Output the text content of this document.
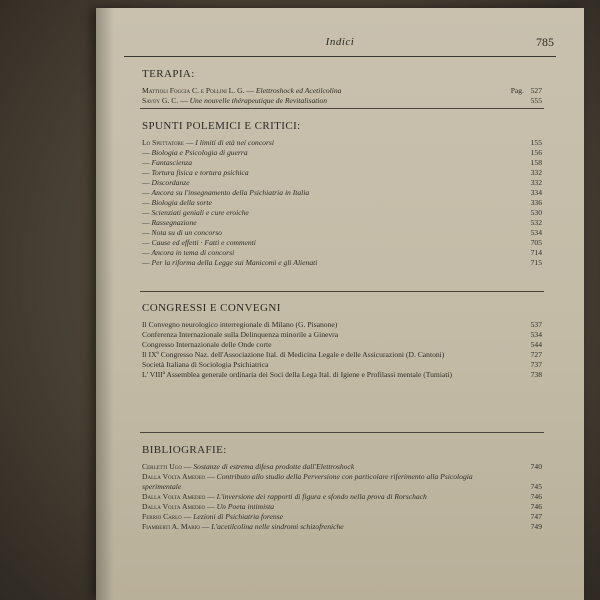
Indici	785
TERAPIA:
Mattioli Foggia C. e Pollini L. G. — Elettroshock ed Acetilcolina	Pag. 527
Savoy G. C. — Une nouvelle thérapeutique de Revitalisation	555
SPUNTI POLEMICI E CRITICI:
Lo Spettatore — I limiti di età nei concorsi	155
— Biologia e Psicologia di guerra	156
— Fantascienza	158
— Tortura fisica e tortura psichica	332
— Discordanze	332
— Ancora su l'insegnamento della Psichiatria in Italia	334
— Biologia della sorte	336
— Scienziati geniali e cure eroiche	530
— Rassegnazione	532
— Nota su di un concorso	534
— Cause ed effetti · Fatti e commenti	705
— Ancora in tema di concorsi	714
— Per la riforma della Legge sui Manicomi e gli Alienati	715
CONGRESSI E CONVEGNI
Il Convegno neurologico interregionale di Milano (G. Pisanone)	537
Conferenza Internazionale sulla Delinquenza minorile a Ginevra	534
Congresso Internazionale delle Onde corte	544
Il IXº Congresso Naz. dell'Associazione Ital. di Medicina Legale e delle Assicurazioni (D. Cantoni)	727
Società Italiana di Sociologia Psichiatrica	737
L' VIIIª Assemblea generale ordinaria dei Soci della Lega Ital. di Igiene e Profilassi mentale (Tumiati)	738
BIBLIOGRAFIE:
Cerletti Ugo — Sostanze di estrema difesa prodotte dall'Elettroshock	740
Dalla Volta Amedeo — Contributo allo studio della Perversione con particolare riferimento alla Psicologia sperimentale	745
Dalla Volta Amedeo — L'inversione dei rapporti di figura e sfondo nella prova di Rorschach	746
Dalla Volta Amedeo — Un Poeta intimista	746
Ferrio Carlo — Lezioni di Psichiatria forense	747
Fiamberti A. Mario — L'acetilcolina nelle sindromi schizofreniche	749
